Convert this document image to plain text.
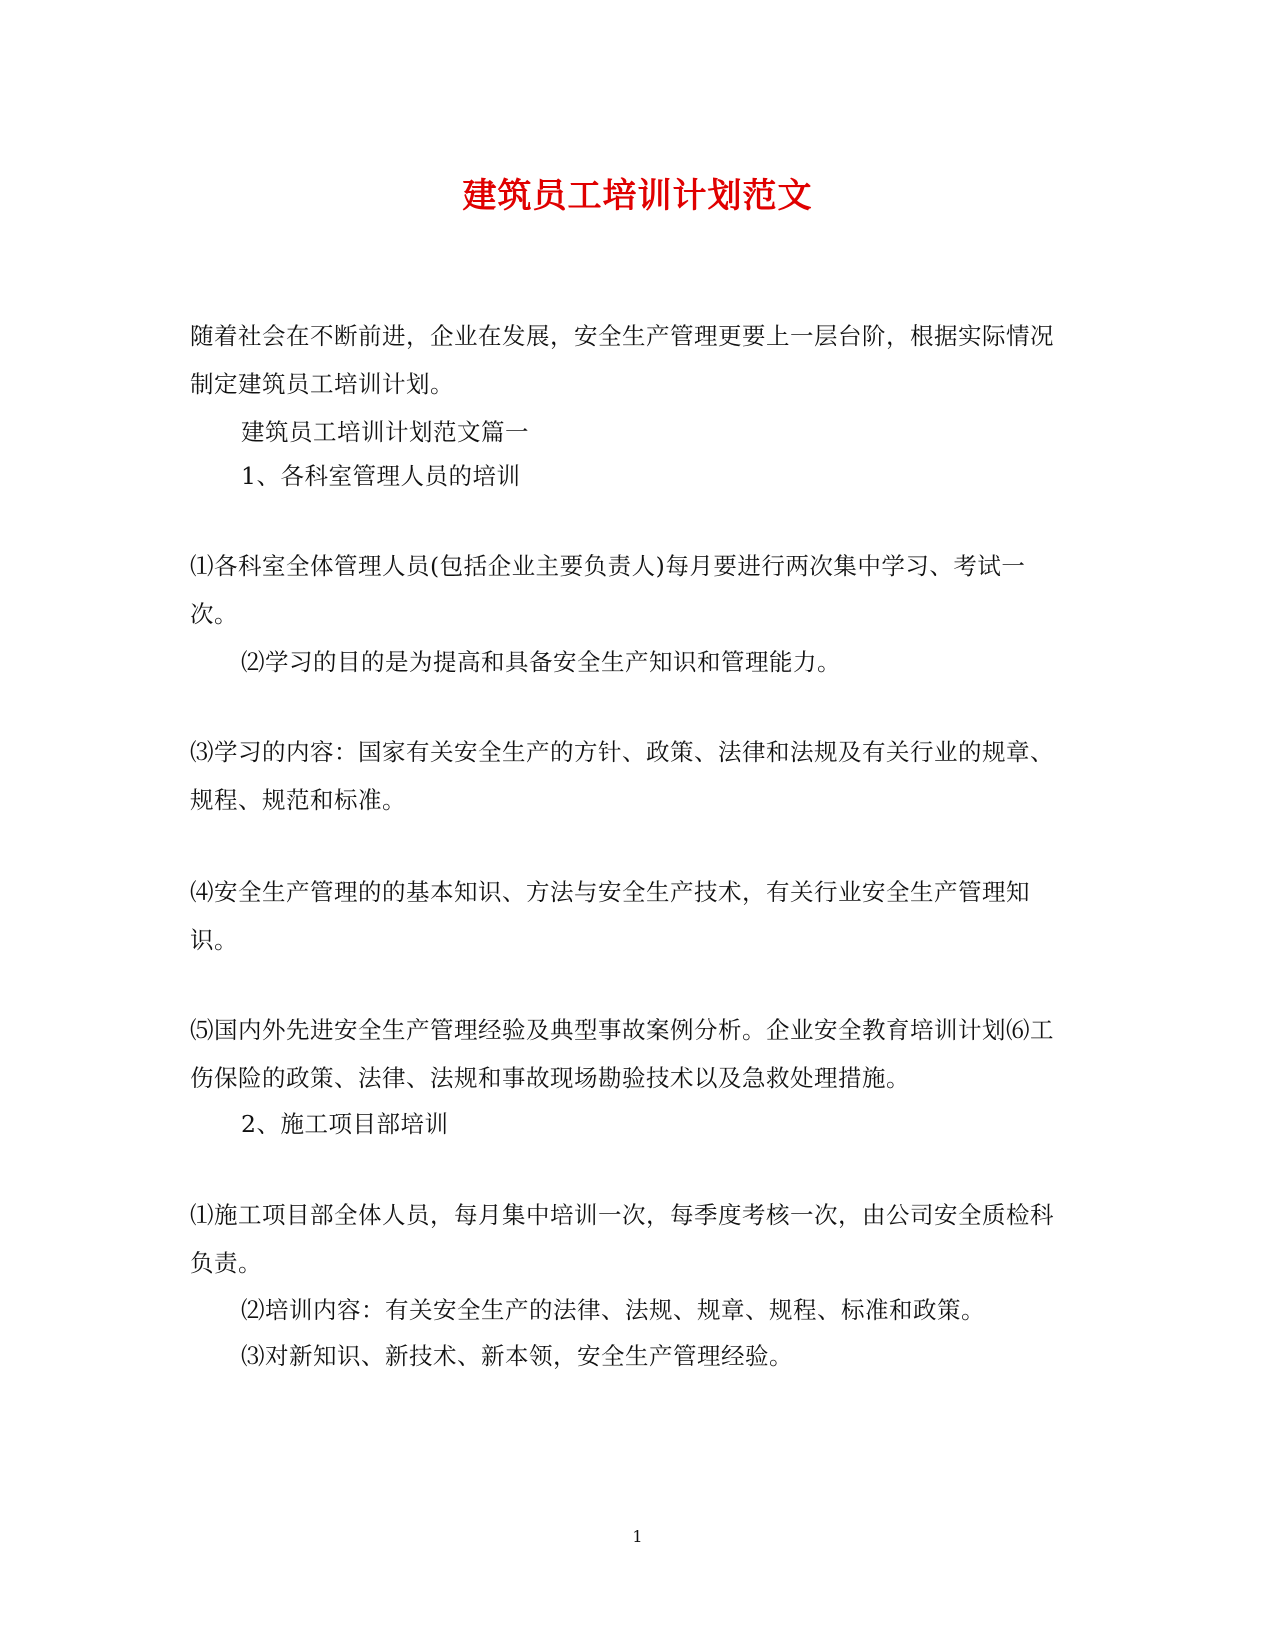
建筑员工培训计划范文

随着社会在不断前进，企业在发展，安全生产管理更要上一层台阶，根据实际情况制定建筑员工培训计划。

建筑员工培训计划范文篇一

1、各科室管理人员的培训

⑴各科室全体管理人员(包括企业主要负责人)每月要进行两次集中学习、考试一次。

⑵学习的目的是为提高和具备安全生产知识和管理能力。

⑶学习的内容：国家有关安全生产的方针、政策、法律和法规及有关行业的规章、规程、规范和标准。

⑷安全生产管理的的基本知识、方法与安全生产技术，有关行业安全生产管理知识。

⑸国内外先进安全生产管理经验及典型事故案例分析。企业安全教育培训计划⑹工伤保险的政策、法律、法规和事故现场勘验技术以及急救处理措施。

2、施工项目部培训

⑴施工项目部全体人员，每月集中培训一次，每季度考核一次，由公司安全质检科负责。

⑵培训内容：有关安全生产的法律、法规、规章、规程、标准和政策。

⑶对新知识、新技术、新本领，安全生产管理经验。

1
